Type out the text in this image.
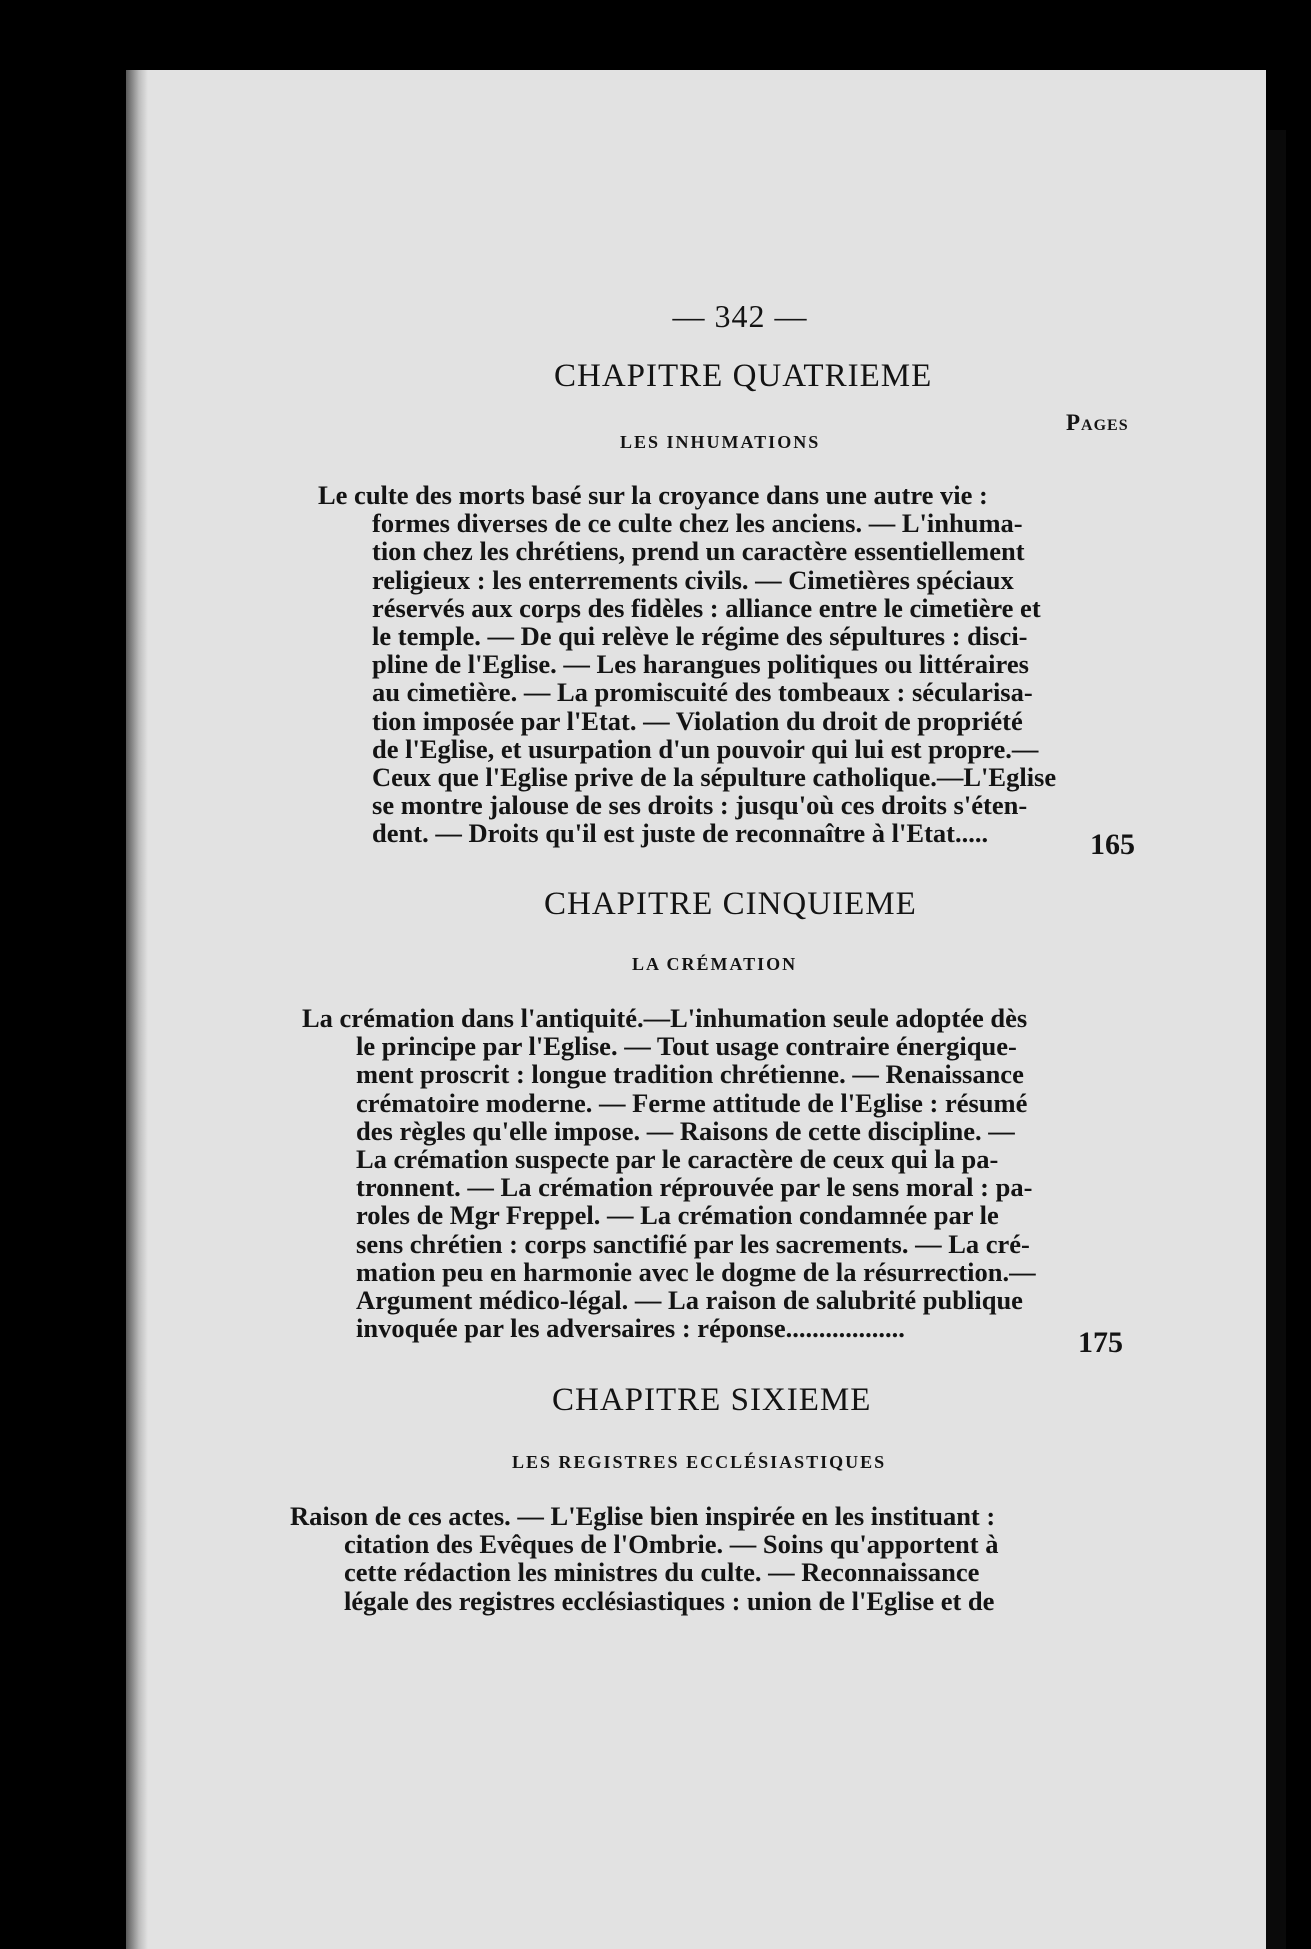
— 342 —
CHAPITRE QUATRIEME
Pages
LES INHUMATIONS
Le culte des morts basé sur la croyance dans une autre vie :
formes diverses de ce culte chez les anciens. — L'inhuma-
tion chez les chrétiens, prend un caractère essentiellement
religieux : les enterrements civils. — Cimetières spéciaux
réservés aux corps des fidèles : alliance entre le cimetière et
le temple. — De qui relève le régime des sépultures : disci-
pline de l'Eglise. — Les harangues politiques ou littéraires
au cimetière. — La promiscuité des tombeaux : sécularisa-
tion imposée par l'Etat. — Violation du droit de propriété
de l'Eglise, et usurpation d'un pouvoir qui lui est propre.—
Ceux que l'Eglise prive de la sépulture catholique.—L'Eglise
se montre jalouse de ses droits : jusqu'où ces droits s'éten-
dent. — Droits qu'il est juste de reconnaître à l'Etat.....	165
CHAPITRE CINQUIEME
LA CRÉMATION
La crémation dans l'antiquité.—L'inhumation seule adoptée dès
le principe par l'Eglise. — Tout usage contraire énergique-
ment proscrit : longue tradition chrétienne. — Renaissance
crématoire moderne. — Ferme attitude de l'Eglise : résumé
des règles qu'elle impose. — Raisons de cette discipline. —
La crémation suspecte par le caractère de ceux qui la pa-
tronnent. — La crémation réprouvée par le sens moral : pa-
roles de Mgr Freppel. — La crémation condamnée par le
sens chrétien : corps sanctifié par les sacrements. — La cré-
mation peu en harmonie avec le dogme de la résurrection.—
Argument médico-légal. — La raison de salubrité publique
invoquée par les adversaires : réponse..................	175
CHAPITRE SIXIEME
LES REGISTRES ECCLÉSIASTIQUES
Raison de ces actes. — L'Eglise bien inspirée en les instituant :
citation des Evêques de l'Ombrie. — Soins qu'apportent à
cette rédaction les ministres du culte. — Reconnaissance
légale des registres ecclésiastiques : union de l'Eglise et de
